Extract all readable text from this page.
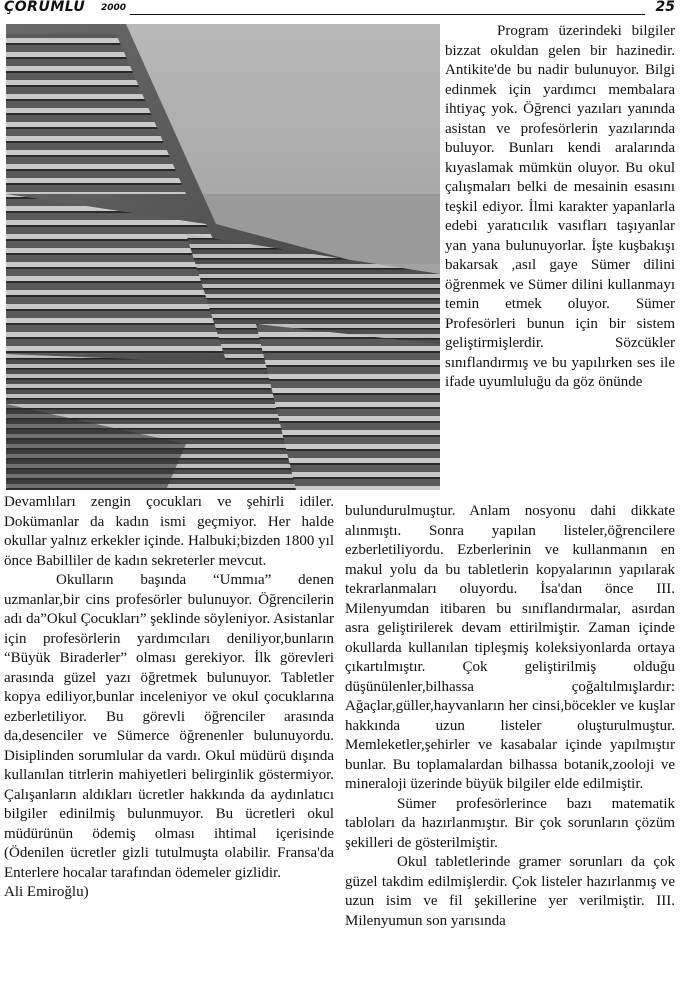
ÇORUMLU 2000	25

Program üzerindeki bilgiler bizzat okuldan gelen bir hazinedir. Antikite'de bu nadir bulunuyor. Bilgi edinmek için yardımcı membalara ihtiyaç yok. Öğrenci yazıları yanında asistan ve profesörlerin yazılarında buluyor. Bunları kendi aralarında kıyaslamak mümkün oluyor. Bu okul çalışmaları belki de mesainin esasını teşkil ediyor. İlmi karakter yapanlarla edebi yaratıcılık vasıfları taşıyanlar yan yana bulunuyorlar. İşte kuşbakışı bakarsak ,asıl gaye Sümer dilini öğrenmek ve Sümer dilini kullanmayı temin etmek oluyor. Sümer Profesörleri bunun için bir sistem geliştirmişlerdir. Sözcükler sınıflandırmış ve bu yapılırken ses ile ifade uyumluluğu da göz önünde

Devamlıları zengin çocukları ve şehirli idiler. Dokümanlar da kadın ismi geçmiyor. Her halde okullar yalnız erkekler içinde. Halbuki;bizden 1800 yıl önce Babilliler de kadın sekreterler mevcut.

Okulların başında “Ummıa” denen uzmanlar,bir cins profesörler bulunuyor. Öğrencilerin adı da”Okul Çocukları” şeklinde söyleniyor. Asistanlar için profesörlerin yardımcıları deniliyor,bunların “Büyük Biraderler” olması gerekiyor. İlk görevleri arasında güzel yazı öğretmek bulunuyor. Tabletler kopya ediliyor,bunlar inceleniyor ve okul çocuklarına ezberletiliyor. Bu görevli öğrenciler arasında da,desenciler ve Sümerce öğrenenler bulunuyordu. Disiplinden sorumlular da vardı. Okul müdürü dışında kullanılan titrlerin mahiyetleri belirginlik göstermiyor. Çalışanların aldıkları ücretler hakkında da aydınlatıcı bilgiler edinilmiş bulunmuyor. Bu ücretleri okul müdürünün ödemiş olması ihtimal içerisinde (Ödenilen ücretler gizli tutulmuşta olabilir. Fransa'da Enterlere hocalar tarafından ödemeler gizlidir.

Ali Emiroğlu)

bulundurulmuştur. Anlam nosyonu dahi dikkate alınmıştı. Sonra yapılan listeler,öğrencilere ezberletiliyordu. Ezberlerinin ve kullanmanın en makul yolu da bu tabletlerin kopyalarının yapılarak tekrarlanmaları oluyordu. İsa'dan önce III. Milenyumdan itibaren bu sınıflandırmalar, asırdan asra geliştirilerek devam ettirilmiştir. Zaman içinde okullarda kullanılan tipleşmiş koleksiyonlarda ortaya çıkartılmıştır. Çok geliştirilmiş olduğu düşünülenler,bilhassa çoğaltılmışlardır: Ağaçlar,güller,hayvanların her cinsi,böcekler ve kuşlar hakkında uzun listeler oluşturulmuştur. Memleketler,şehirler ve kasabalar içinde yapılmıştır bunlar. Bu toplamalardan bilhassa botanik,zooloji ve mineraloji üzerinde büyük bilgiler elde edilmiştir.

Sümer profesörlerince bazı matematik tabloları da hazırlanmıştır. Bir çok sorunların çözüm şekilleri de gösterilmiştir.

Okul tabletlerinde gramer sorunları da çok güzel takdim edilmişlerdir. Çok listeler hazırlanmış ve uzun isim ve fil şekillerine yer verilmiştir. III. Milenyumun son yarısında
